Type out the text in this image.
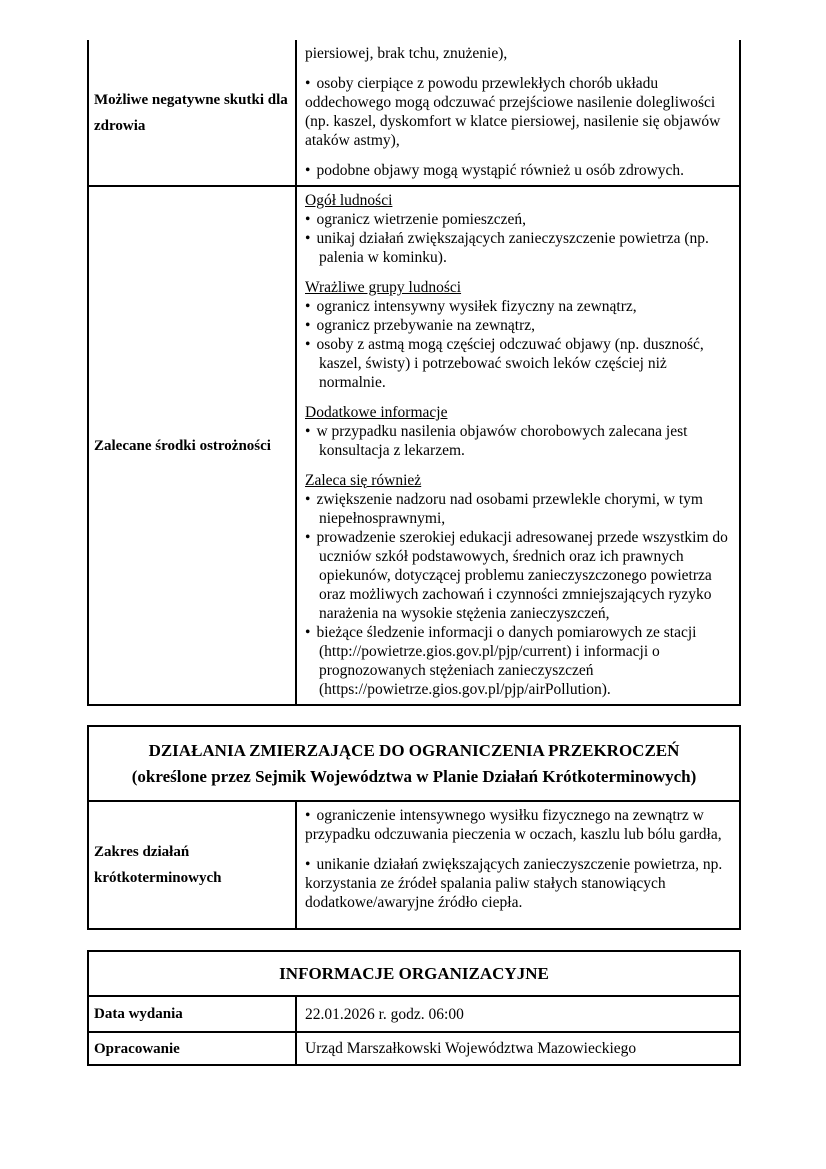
Możliwe negatywne skutki dla zdrowia
piersiowej, brak tchu, znużenie),
• osoby cierpiące z powodu przewlekłych chorób układu oddechowego mogą odczuwać przejściowe nasilenie dolegliwości (np. kaszel, dyskomfort w klatce piersiowej, nasilenie się objawów ataków astmy),
• podobne objawy mogą wystąpić również u osób zdrowych.
Zalecane środki ostrożności
Ogół ludności
• ogranicz wietrzenie pomieszczeń,
• unikaj działań zwiększających zanieczyszczenie powietrza (np. palenia w kominku).
Wrażliwe grupy ludności
• ogranicz intensywny wysiłek fizyczny na zewnątrz,
• ogranicz przebywanie na zewnątrz,
• osoby z astmą mogą częściej odczuwać objawy (np. duszność, kaszel, świsty) i potrzebować swoich leków częściej niż normalnie.
Dodatkowe informacje
• w przypadku nasilenia objawów chorobowych zalecana jest konsultacja z lekarzem.
Zaleca się również
• zwiększenie nadzoru nad osobami przewlekle chorymi, w tym niepełnosprawnymi,
• prowadzenie szerokiej edukacji adresowanej przede wszystkim do uczniów szkół podstawowych, średnich oraz ich prawnych opiekunów, dotyczącej problemu zanieczyszczonego powietrza oraz możliwych zachowań i czynności zmniejszających ryzyko narażenia na wysokie stężenia zanieczyszczeń,
• bieżące śledzenie informacji o danych pomiarowych ze stacji (http://powietrze.gios.gov.pl/pjp/current) i informacji o prognozowanych stężeniach zanieczyszczeń (https://powietrze.gios.gov.pl/pjp/airPollution).
DZIAŁANIA ZMIERZAJĄCE DO OGRANICZENIA PRZEKROCZEŃ
(określone przez Sejmik Województwa w Planie Działań Krótkoterminowych)
Zakres działań krótkoterminowych
• ograniczenie intensywnego wysiłku fizycznego na zewnątrz w przypadku odczuwania pieczenia w oczach, kaszlu lub bólu gardła,
• unikanie działań zwiększających zanieczyszczenie powietrza, np. korzystania ze źródeł spalania paliw stałych stanowiących dodatkowe/awaryjne źródło ciepła.
INFORMACJE ORGANIZACYJNE
Data wydania	22.01.2026 r. godz. 06:00
Opracowanie	Urząd Marszałkowski Województwa Mazowieckiego
